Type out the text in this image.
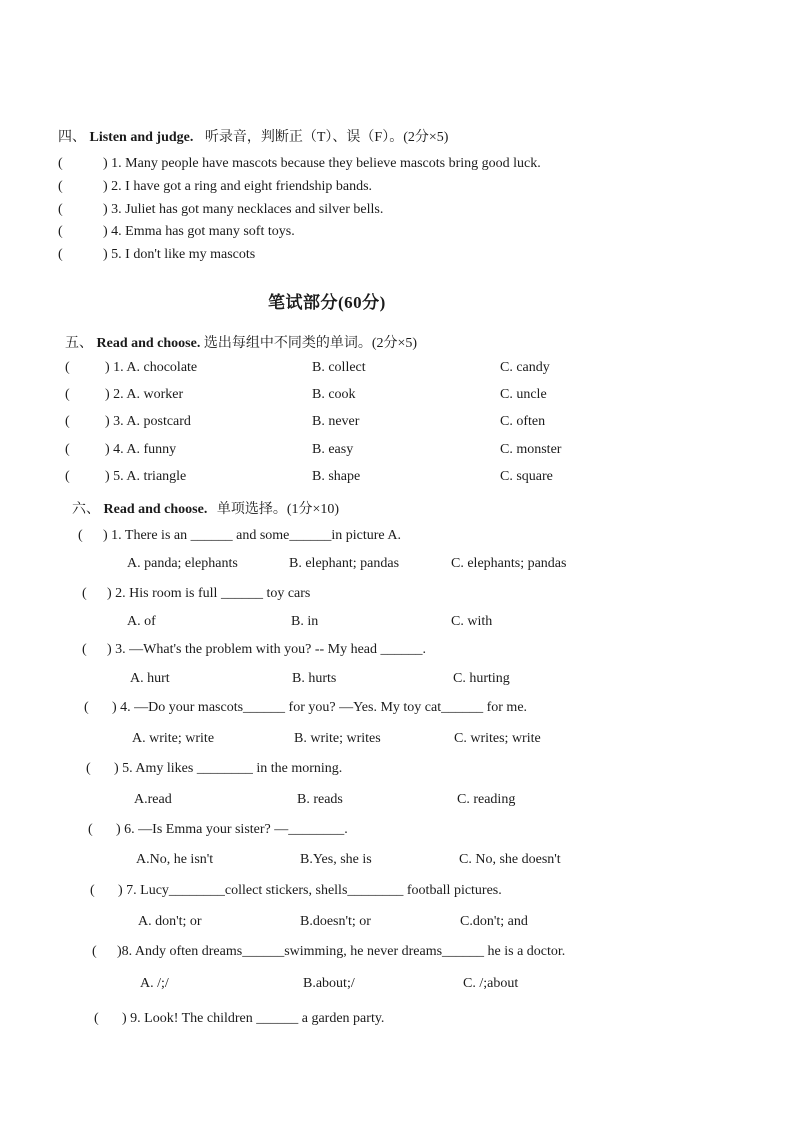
四、 Listen and judge. 听录音，判断正（T）、误（F）。(2分×5)
(	) 1. Many people have mascots because they believe mascots bring good luck.
(	) 2. I have got a ring and eight friendship bands.
(	) 3. Juliet has got many necklaces and silver bells.
(	) 4. Emma has got many soft toys.
(	) 5. I don't like my mascots
笔试部分(60分)
五、 Read and choose. 选出每组中不同类的单词。(2分×5)
(	) 1. A. chocolate	B. collect	C. candy
(	) 2. A. worker	B. cook	C. uncle
(	) 3. A. postcard	B. never	C. often
(	) 4. A. funny	B. easy	C. monster
(	) 5. A. triangle	B. shape	C. square
六、 Read and choose. 单项选择。(1分×10)
( ) 1. There is an ______ and some______in picture A.
A. panda; elephants	B. elephant; pandas	C. elephants; pandas
( ) 2. His room is full ______ toy cars
A. of	B. in	C. with
( ) 3. —What's the problem with you? -- My head ______.
A. hurt	B. hurts	C. hurting
( ) 4. —Do your mascots______ for you? —Yes. My toy cat______ for me.
A. write; write	B. write; writes	C. writes; write
( ) 5. Amy likes ________ in the morning.
A.read	B. reads	C. reading
( ) 6. —Is Emma your sister? —________.
A.No, he isn't	B.Yes, she is	C. No, she doesn't
( ) 7. Lucy________collect stickers, shells________ football pictures.
A. don't; or	B.doesn't; or	C.don't; and
( )8. Andy often dreams______swimming, he never dreams______ he is a doctor.
A. /;/	B.about;/	C. /;about
( ) 9. Look! The children ______ a garden party.
